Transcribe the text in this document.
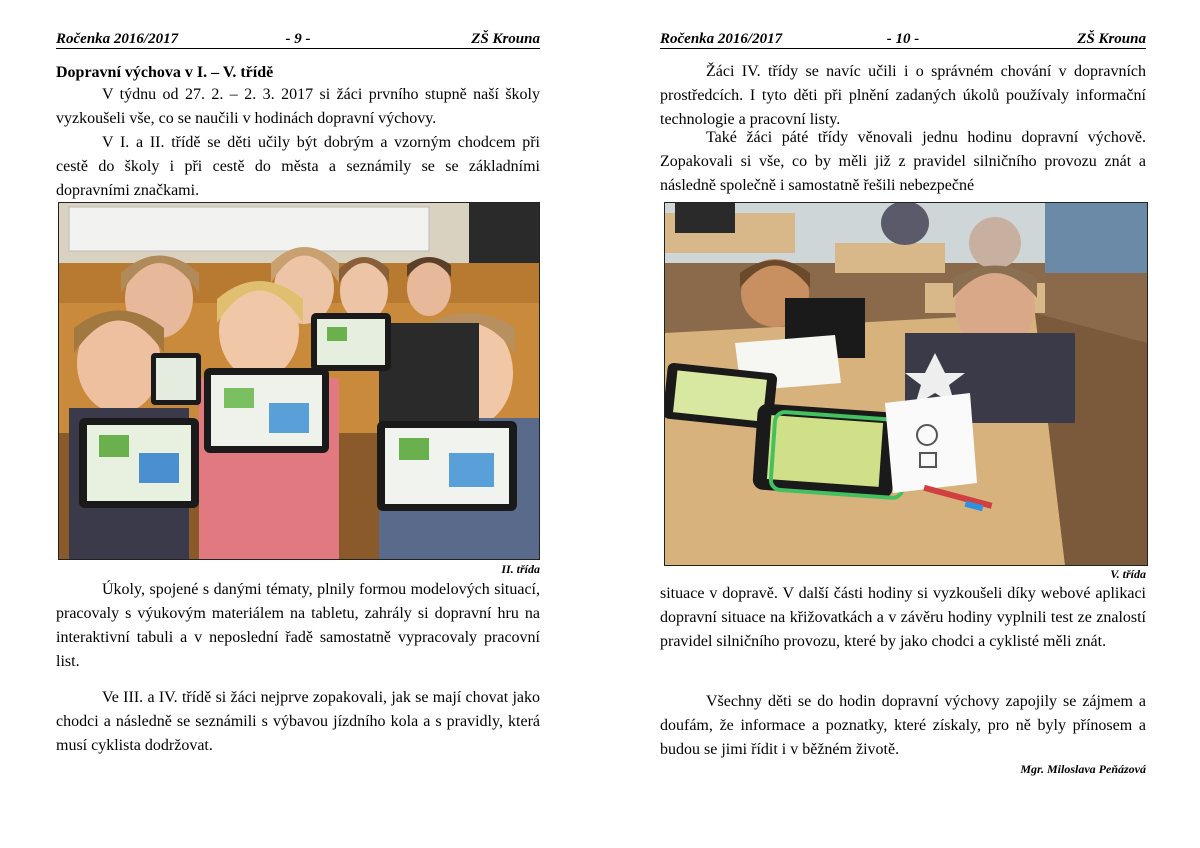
Ročenka 2016/2017	- 9 -	ZŠ Krouna
Dopravní výchova v I. – V. třídě
V týdnu od 27. 2. – 2. 3. 2017 si žáci prvního stupně naší školy vyzkoušeli vše, co se naučili v hodinách dopravní výchovy.
V I. a II. třídě se děti učily být dobrým a vzorným chodcem při cestě do školy i při cestě do města a seznámily se se základními dopravními značkami.
II. třída
Úkoly, spojené s danými tématy, plnily formou modelových situací, pracovaly s výukovým materiálem na tabletu, zahrály si dopravní hru na interaktivní tabuli a v neposlední řadě samostatně vypracovaly pracovní list.
Ve III. a IV. třídě si žáci nejprve zopakovali, jak se mají chovat jako chodci a následně se seznámili s výbavou jízdního kola a s pravidly, která musí cyklista dodržovat.
Ročenka 2016/2017	- 10 -	ZŠ Krouna
Žáci IV. třídy se navíc učili i o správném chování v dopravních prostředcích. I tyto děti při plnění zadaných úkolů používaly informační technologie a pracovní listy.
Také žáci páté třídy věnovali jednu hodinu dopravní výchově. Zopakovali si vše, co by měli již z pravidel silničního provozu znát a následně společně i samostatně řešili nebezpečné
V. třída
situace v dopravě. V další části hodiny si vyzkoušeli díky webové aplikaci dopravní situace na křižovatkách a v závěru hodiny vyplnili test ze znalostí pravidel silničního provozu, které by jako chodci a cyklisté měli znát.
Všechny děti se do hodin dopravní výchovy zapojily se zájmem a doufám, že informace a poznatky, které získaly, pro ně byly přínosem a budou se jimi řídit i v běžném životě.
Mgr. Miloslava Peňázová
